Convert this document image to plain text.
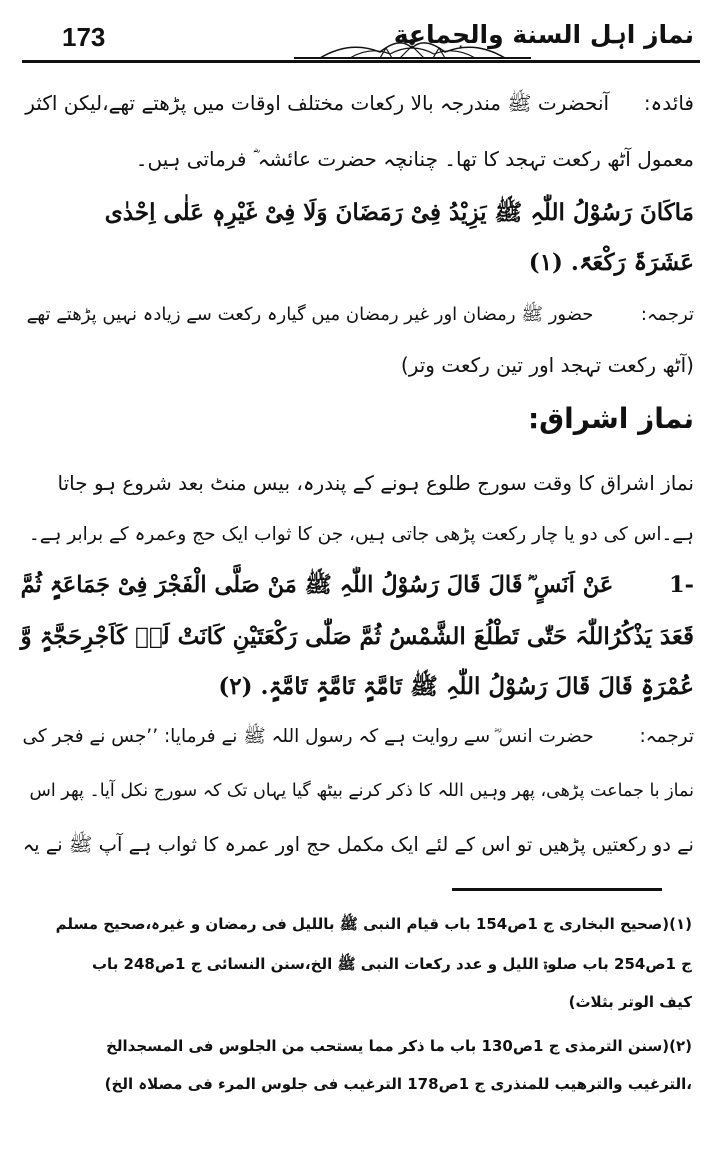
173	نماز اہل السنة والجماعة
فائدہ:  آنحضرت ﷺ مندرجہ بالا رکعات مختلف اوقات میں پڑھتے تھے،لیکن اکثر
معمول آٹھ رکعت تہجد کا تھا۔ چنانچہ حضرت عائشہ ؓ فرماتی ہیں۔
مَاکَانَ رَسُوْلُ اللّٰہِ ﷺ یَزِیْدُ فِیْ رَمَضَانَ وَلَا فِیْ غَیْرِہٖ عَلٰی اِحْدٰی
عَشَرَۃَ رَکْعَۃً. (۱)
ترجمہ:  حضور ﷺ رمضان اور غیر رمضان میں گیارہ رکعت سے زیادہ نہیں پڑھتے تھے
(آٹھ رکعت تہجد اور تین رکعت وتر)
نماز اشراق:
نماز اشراق کا وقت سورج طلوع ہونے کے پندرہ، بیس منٹ بعد شروع ہو جاتا
ہے۔اس کی دو یا چار رکعت پڑھی جاتی ہیں، جن کا ثواب ایک حج وعمرہ کے برابر ہے۔
-1  عَنْ اَنَسٍ ؓ قَالَ قَالَ رَسُوْلُ اللّٰہِ ﷺ مَنْ صَلَّی الْفَجْرَ فِیْ جَمَاعَۃٍ ثُمَّ
قَعَدَ یَذْکُرُاللّٰہَ حَتّٰی تَطْلُعَ الشَّمْسُ ثُمَّ صَلّٰی رَکْعَتَیْنِ کَانَتْ لَہٗ کَاَجْرِحَجَّۃٍ وَّ
عُمْرَۃٍ قَالَ قَالَ رَسُوْلُ اللّٰہِ ﷺ تَامَّۃٍ تَامَّۃٍ تَامَّۃٍ. (۲)
ترجمہ:  حضرت انس ؓ سے روایت ہے کہ رسول اللہ ﷺ نے فرمایا: ’’جس نے فجر کی
نماز با جماعت پڑھی، پھر وہیں اللہ کا ذکر کرنے بیٹھ گیا یہاں تک کہ سورج نکل آیا۔ پھر اس
نے دو رکعتیں پڑھیں تو اس کے لئے ایک مکمل حج اور عمرہ کا ثواب ہے آپ ﷺ نے یہ
(۱)(صحیح البخاری ج 1ص154 باب قیام النبی ﷺ باللیل فی رمضان و غیرہ،صحیح مسلم
ج 1ص254 باب صلوۃ اللیل و عدد رکعات النبی ﷺ الخ،سنن النسائی ج 1ص248 باب
کیف الوتر بثلاث)
(۲)(سنن الترمذی ج 1ص130 باب ما ذکر مما یستحب من الجلوس فی المسجدالخ
،الترغیب والترھیب للمنذری ج 1ص178 الترغیب فی جلوس المرء فی مصلاہ الخ)
